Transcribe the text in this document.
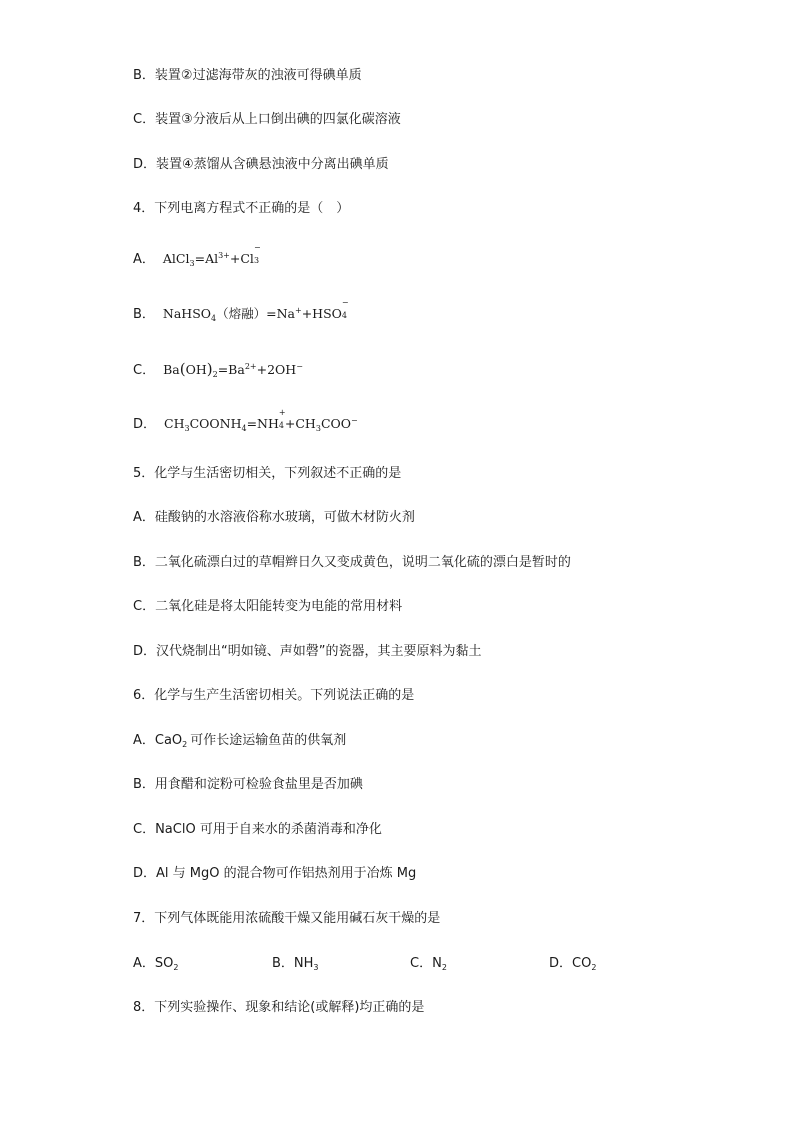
B．装置②过滤海带灰的浊液可得碘单质
C．装置③分液后从上口倒出碘的四氯化碳溶液
D．装置④蒸馏从含碘悬浊液中分离出碘单质
4．下列电离方程式不正确的是（　）
A． $AlCl_3=Al^{3+}+Cl$
−
3
B． NaHSO$_4$（熔融）=Na++HSO
−
4
C． $Ba(OH)_2=Ba^{2+}+2OH^-$
D． $CH_3COONH_4=NH$
+
$4 +CH_3COO^-$
5．化学与生活密切相关，下列叙述不正确的是
A．硅酸钠的水溶液俗称水玻璃，可做木材防火剂
B．二氧化硫漂白过的草帽辫日久又变成黄色，说明二氧化硫的漂白是暂时的
C．二氧化硅是将太阳能转变为电能的常用材料
D．汉代烧制出“明如镜、声如磬”的瓷器，其主要原料为黏土
6．化学与生产生活密切相关。下列说法正确的是
A．CaO$_2$ 可作长途运输鱼苗的供氧剂
B．用食醋和淀粉可检验食盐里是否加碘
C．NaClO 可用于自来水的杀菌消毒和净化
D．Al 与 MgO 的混合物可作铝热剂用于冶炼 Mg
7．下列气体既能用浓硫酸干燥又能用碱石灰干燥的是
A．$SO_2$	B．$NH_3$	C．$N_2$	D．$CO_2$
8．下列实验操作、现象和结论(或解释)均正确的是
